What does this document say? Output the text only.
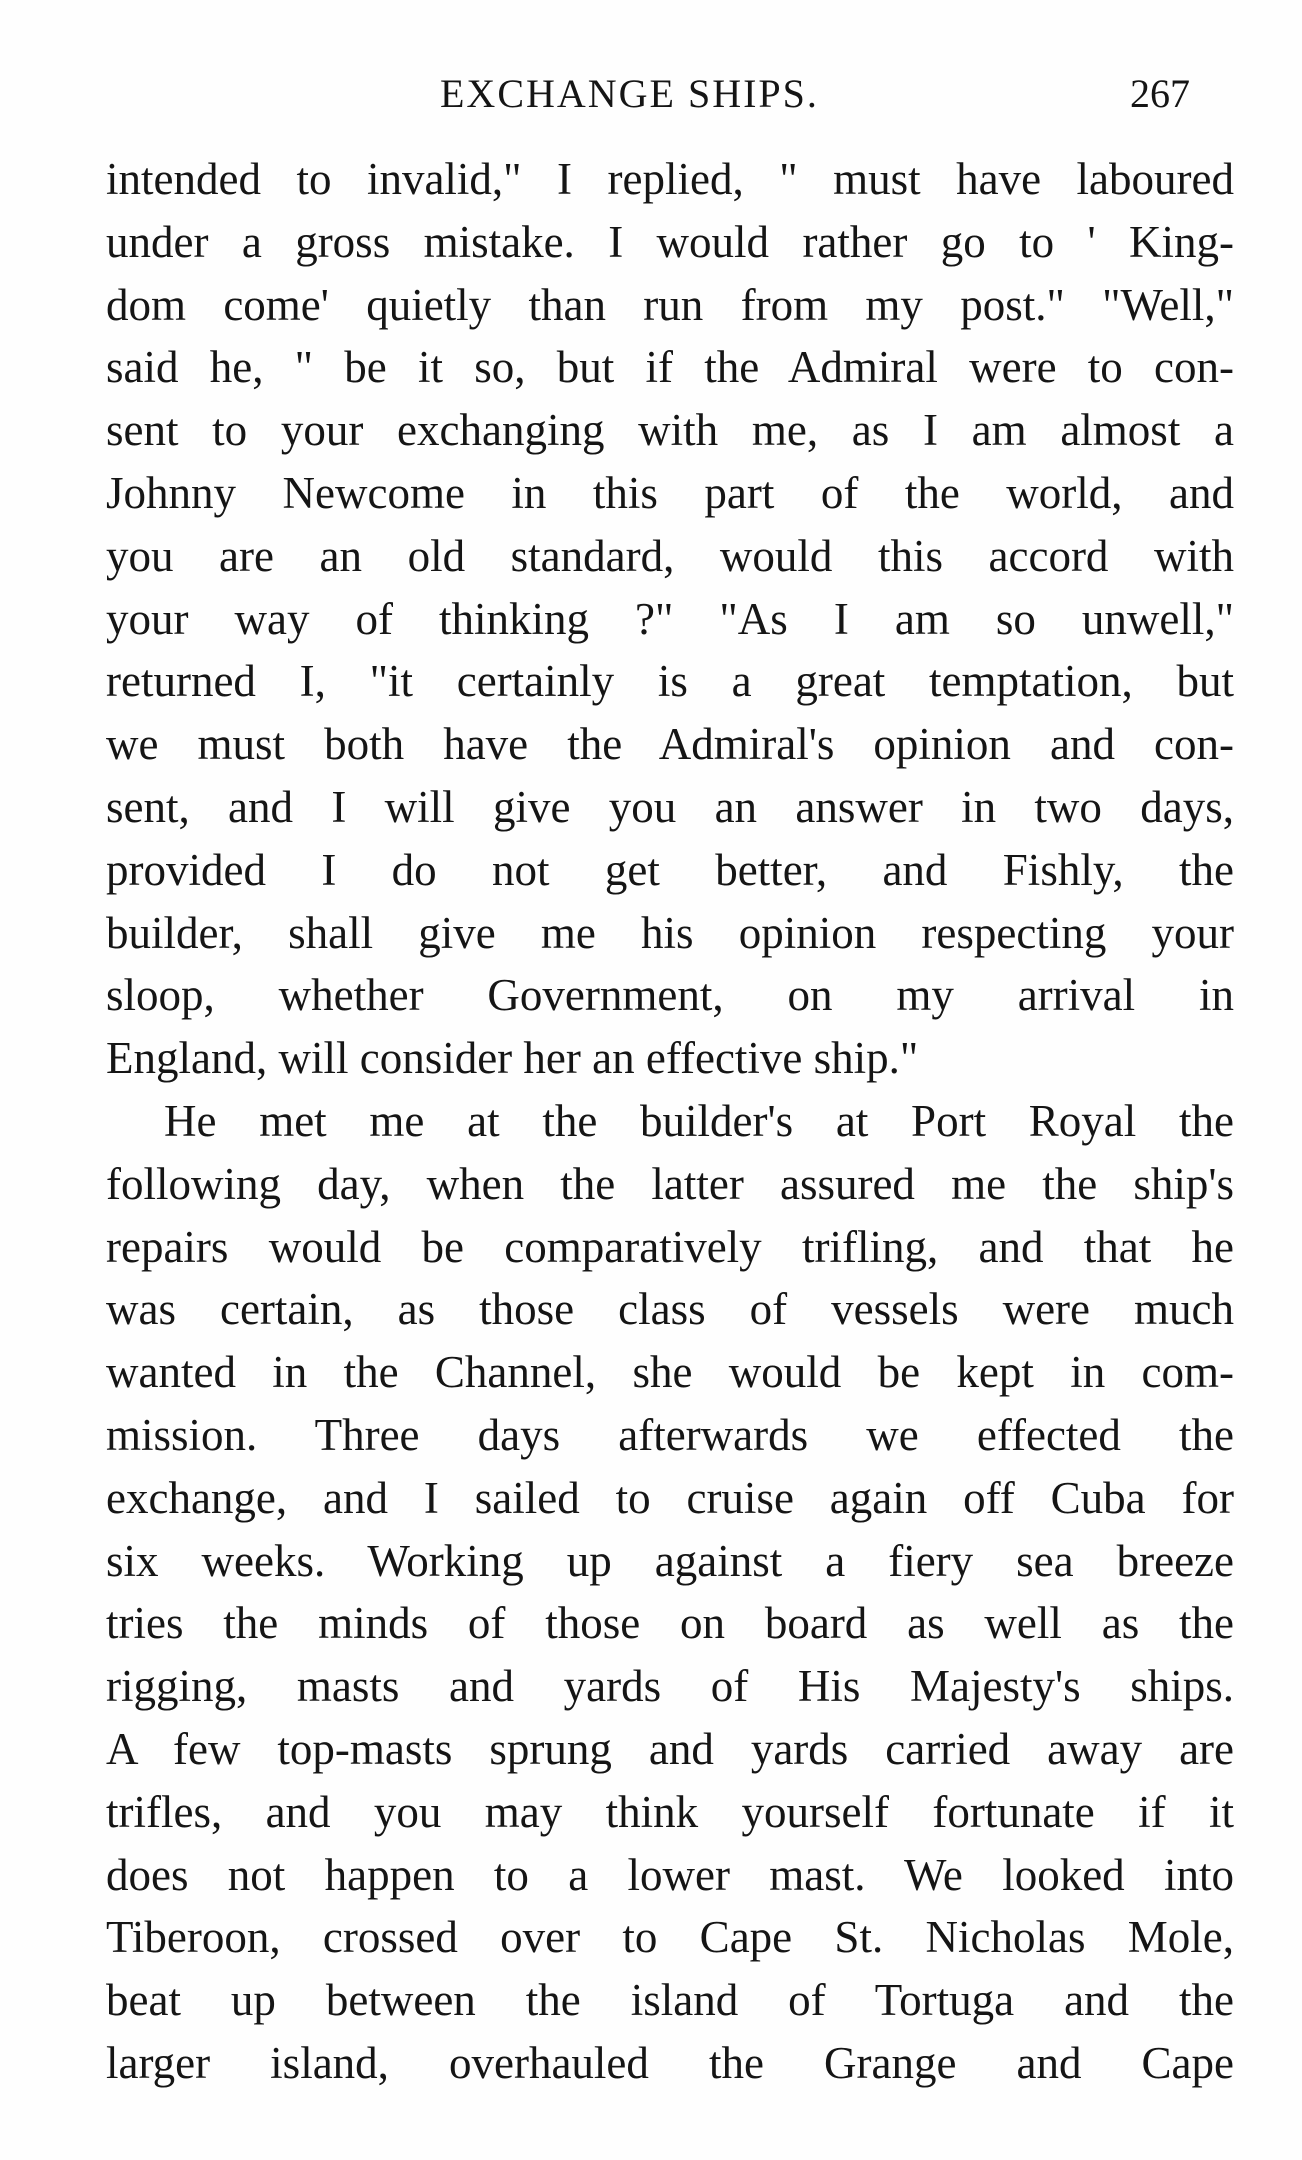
EXCHANGE SHIPS.	267
intended to invalid," I replied, " must have laboured
under a gross mistake. I would rather go to ' King-
dom come' quietly than run from my post." "Well,"
said he, " be it so, but if the Admiral were to con-
sent to your exchanging with me, as I am almost a
Johnny Newcome in this part of the world, and
you are an old standard, would this accord with
your way of thinking ?" "As I am so unwell,"
returned I, "it certainly is a great temptation, but
we must both have the Admiral's opinion and con-
sent, and I will give you an answer in two days,
provided I do not get better, and Fishly, the
builder, shall give me his opinion respecting your
sloop, whether Government, on my arrival in
England, will consider her an effective ship."
He met me at the builder's at Port Royal the
following day, when the latter assured me the ship's
repairs would be comparatively trifling, and that he
was certain, as those class of vessels were much
wanted in the Channel, she would be kept in com-
mission. Three days afterwards we effected the
exchange, and I sailed to cruise again off Cuba for
six weeks. Working up against a fiery sea breeze
tries the minds of those on board as well as the
rigging, masts and yards of His Majesty's ships.
A few top-masts sprung and yards carried away are
trifles, and you may think yourself fortunate if it
does not happen to a lower mast. We looked into
Tiberoon, crossed over to Cape St. Nicholas Mole,
beat up between the island of Tortuga and the
larger island, overhauled the Grange and Cape
